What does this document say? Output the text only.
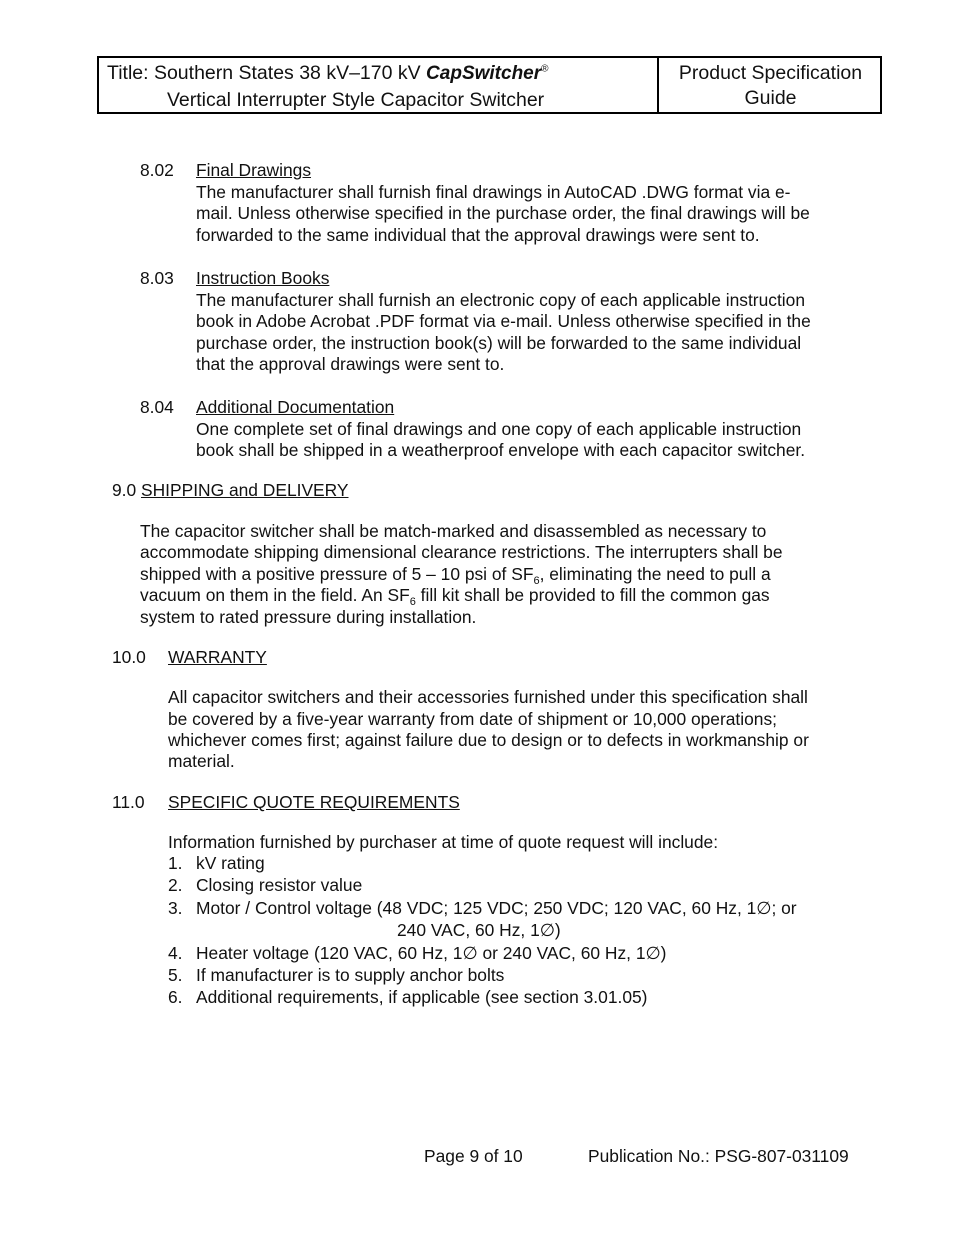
Title: Southern States 38 kV–170 kV CapSwitcher®
Vertical Interrupter Style Capacitor Switcher
Product Specification
Guide
8.02 Final Drawings
The manufacturer shall furnish final drawings in AutoCAD .DWG format via e-
mail. Unless otherwise specified in the purchase order, the final drawings will be
forwarded to the same individual that the approval drawings were sent to.
8.03 Instruction Books
The manufacturer shall furnish an electronic copy of each applicable instruction
book in Adobe Acrobat .PDF format via e-mail. Unless otherwise specified in the
purchase order, the instruction book(s) will be forwarded to the same individual
that the approval drawings were sent to.
8.04 Additional Documentation
One complete set of final drawings and one copy of each applicable instruction
book shall be shipped in a weatherproof envelope with each capacitor switcher.
9.0 SHIPPING and DELIVERY
The capacitor switcher shall be match-marked and disassembled as necessary to
accommodate shipping dimensional clearance restrictions. The interrupters shall be
shipped with a positive pressure of 5 – 10 psi of $SF_6$, eliminating the need to pull a
vacuum on them in the field. An $SF_6$ fill kit shall be provided to fill the common gas
system to rated pressure during installation.
10.0 WARRANTY
All capacitor switchers and their accessories furnished under this specification shall
be covered by a five-year warranty from date of shipment or 10,000 operations;
whichever comes first; against failure due to design or to defects in workmanship or
material.
11.0 SPECIFIC QUOTE REQUIREMENTS
Information furnished by purchaser at time of quote request will include:
1. kV rating
2. Closing resistor value
3. Motor / Control voltage (48 VDC; 125 VDC; 250 VDC; 120 VAC, 60 Hz, 1∅; or
240 VAC, 60 Hz, 1∅)
4. Heater voltage (120 VAC, 60 Hz, 1∅ or 240 VAC, 60 Hz, 1∅)
5. If manufacturer is to supply anchor bolts
6. Additional requirements, if applicable (see section 3.01.05)
Page 9 of 10	Publication No.: PSG-807-031109
